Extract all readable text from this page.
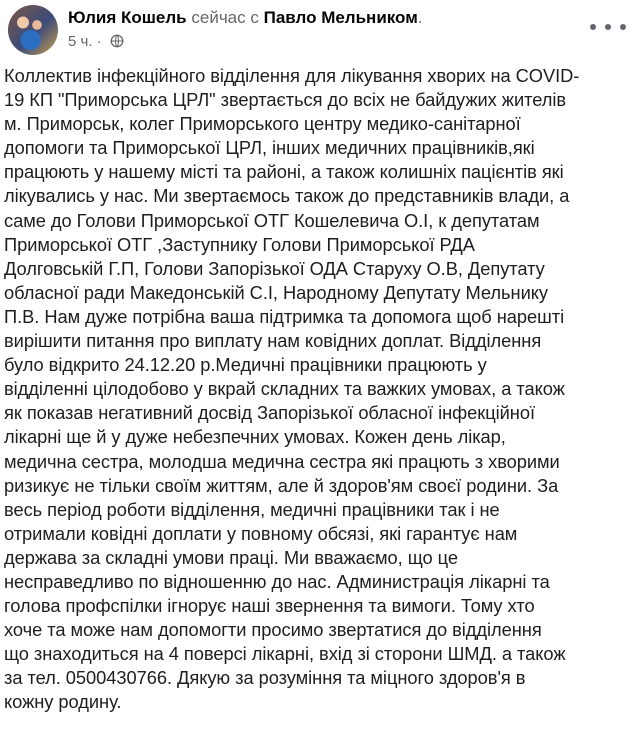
Юлия Кошель сейчас с Павло Мельником.
5 ч. ·
Коллектив інфекційного відділення для лікування хворих на COVID-
19 КП "Приморська ЦРЛ" звертається до всіх не байдужих жителів
м. Приморськ, колег Приморського центру медико-санітарної
допомоги та Приморської ЦРЛ, інших медичних працівників,які
працюють у нашему місті та районі, а також колишніх пацієнтів які
лікувались у нас. Ми звертаємось також до представників влади, а
саме до Голови Приморської ОТГ Кошелевича О.І, к депутатам
Приморської ОТГ ,Заступнику Голови Приморської РДА
Долговській Г.П, Голови Запорізької ОДА Старуху О.В, Депутату
обласної ради Македонській С.І, Народному Депутату Мельнику
П.В. Нам дуже потрібна ваша підтримка та допомога щоб нарешті
вирішити питання про виплату нам ковідних доплат. Відділення
було відкрито 24.12.20 р.Медичні працівники працюють у
відділенні цілодобово у вкрай складних та важких умовах, а також
як показав негативний досвід Запорізької обласної інфекційної
лікарні ще й у дуже небезпечних умовах. Кожен день лікар,
медична сестра, молодша медична сестра які працють з хворими
ризикує не тільки своїм життям, але й здоров'ям своєї родини. За
весь період роботи відділення, медичні працівники так і не
отримали ковідні доплати у повному обсязі, які гарантує нам
держава за складні умови праці. Ми вважаємо, що це
несправедливо по відношенню до нас. Администрація лікарні та
голова профспілки ігнорує наші звернення та вимоги. Тому хто
хоче та може нам допомогти просимо звертатися до відділення
що знаходиться на 4 поверсі лікарні, вхід зі сторони ШМД. а також
за тел. 0500430766. Дякую за розуміння та міцного здоров'я в
кожну родину.
